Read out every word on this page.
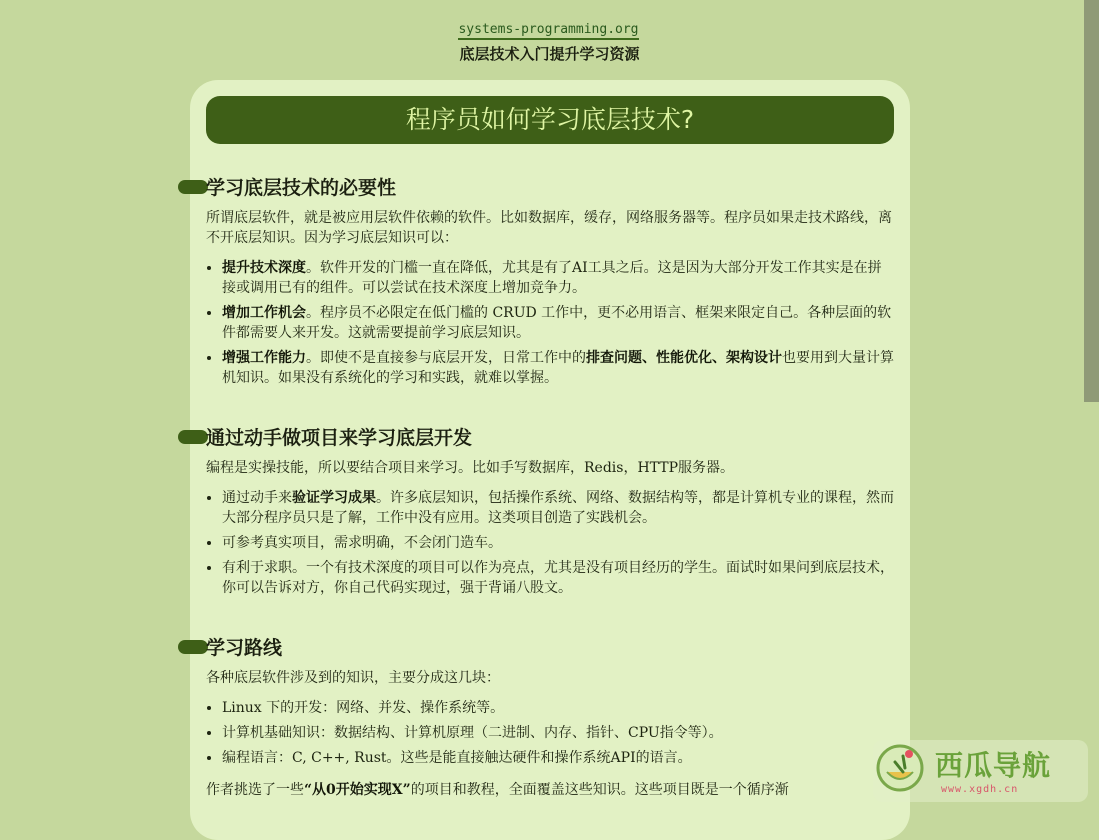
systems-programming.org
底层技术入门提升学习资源
程序员如何学习底层技术?
学习底层技术的必要性

所谓底层软件，就是被应用层软件依赖的软件。比如数据库，缓存，网络服务器等。程序员如果走技术路线，离不开底层知识。因为学习底层知识可以：

• 提升技术深度。软件开发的门槛一直在降低，尤其是有了AI工具之后。这是因为大部分开发工作其实是在拼接或调用已有的组件。可以尝试在技术深度上增加竞争力。
• 增加工作机会。程序员不必限定在低门槛的 CRUD 工作中，更不必用语言、框架来限定自己。各种层面的软件都需要人来开发。这就需要提前学习底层知识。
• 增强工作能力。即使不是直接参与底层开发，日常工作中的排查问题、性能优化、架构设计也要用到大量计算机知识。如果没有系统化的学习和实践，就难以掌握。
通过动手做项目来学习底层开发

编程是实操技能，所以要结合项目来学习。比如手写数据库，Redis，HTTP服务器。

• 通过动手来验证学习成果。许多底层知识，包括操作系统、网络、数据结构等，都是计算机专业的课程，然而大部分程序员只是了解，工作中没有应用。这类项目创造了实践机会。
• 可参考真实项目，需求明确，不会闭门造车。
• 有利于求职。一个有技术深度的项目可以作为亮点，尤其是没有项目经历的学生。面试时如果问到底层技术，你可以告诉对方，你自己代码实现过，强于背诵八股文。
学习路线

各种底层软件涉及到的知识，主要分成这几块：

• Linux 下的开发：网络、并发、操作系统等。
• 计算机基础知识：数据结构、计算机原理（二进制、内存、指针、CPU指令等）。
• 编程语言：C, C++, Rust。这些是能直接触达硬件和操作系统API的语言。

作者挑选了一些“从0开始实现X”的项目和教程，全面覆盖这些知识。这些项目既是一个循序渐

西瓜导航
www.xgdh.cn
